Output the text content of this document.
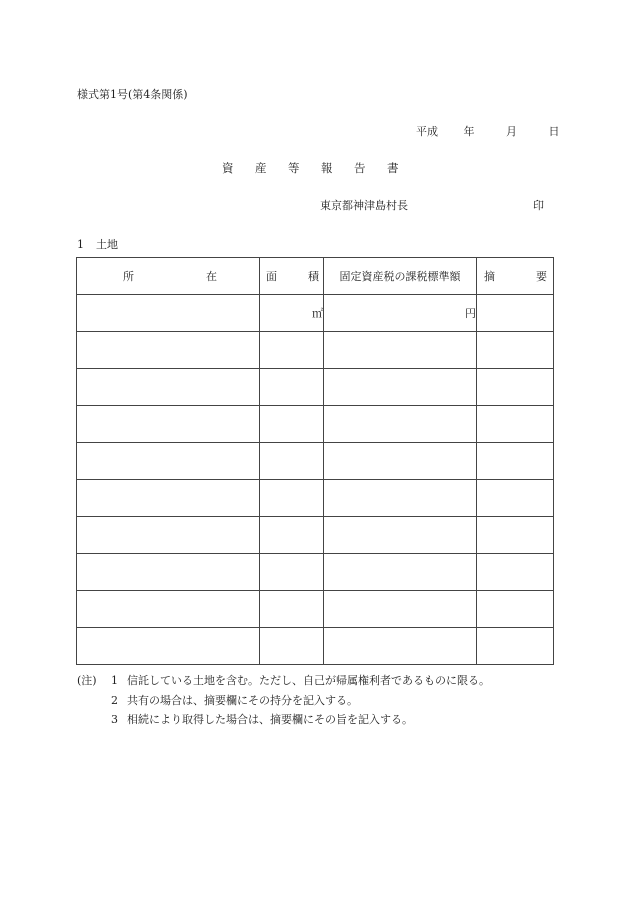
様式第1号(第4条関係)
平成 年	月	日
資産等報告書
東京都神津島村長	印
1 土地
所 在	面 積	固定資産税の課税標準額	摘 要

	㎡	円	

(注)	1 信託している土地を含む。ただし、自己が帰属権利者であるものに限る。
2 共有の場合は、摘要欄にその持分を記入する。
3 相続により取得した場合は、摘要欄にその旨を記入する。
